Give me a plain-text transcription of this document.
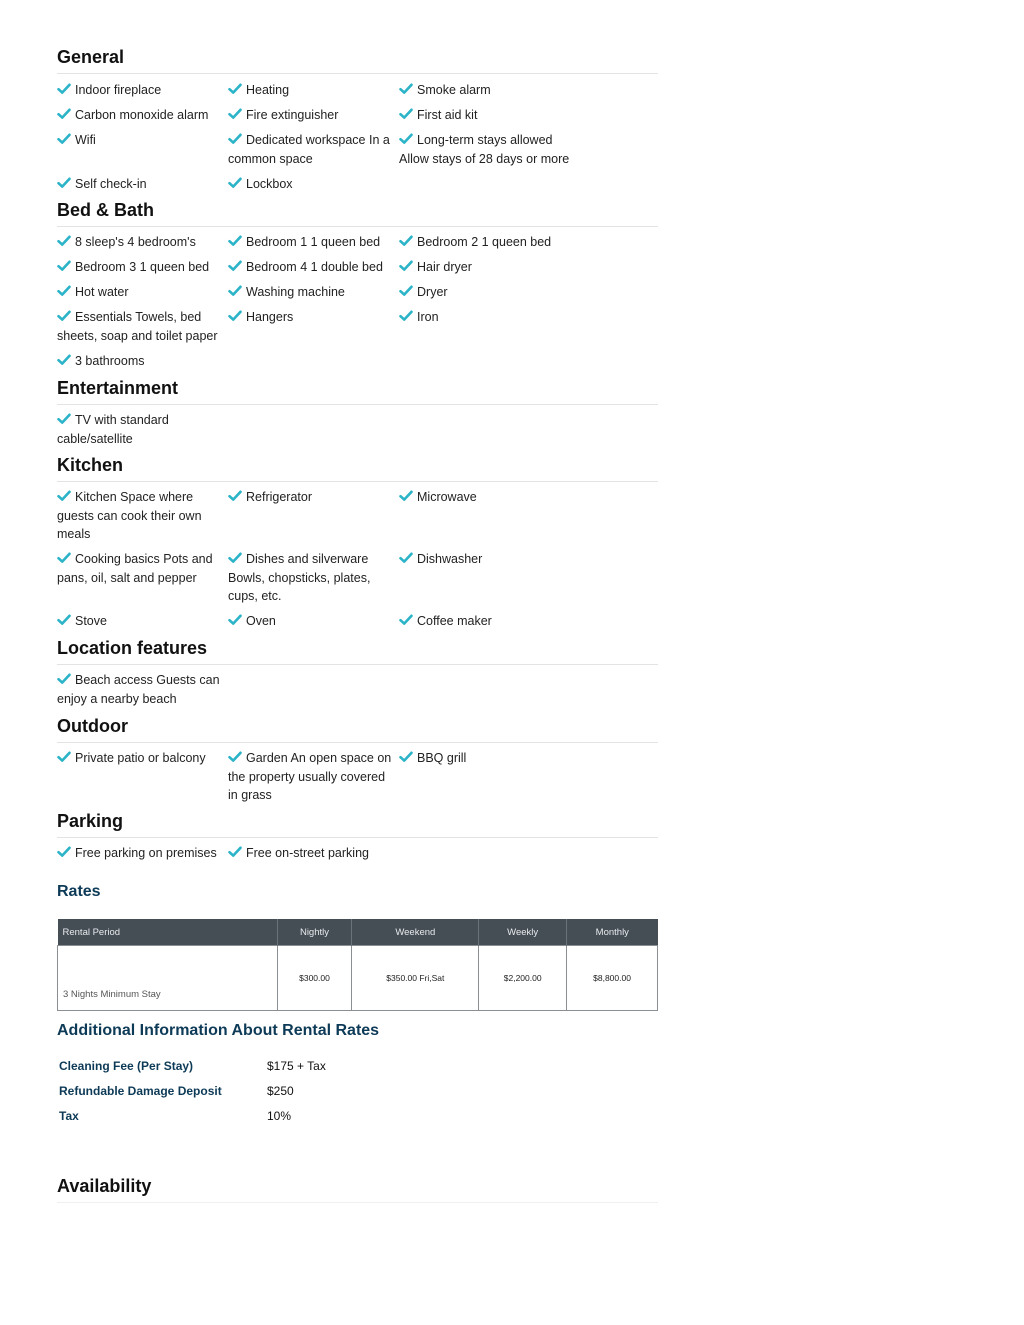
General
Indoor fireplace	Heating	Smoke alarm
Carbon monoxide alarm	Fire extinguisher	First aid kit
Wifi	Dedicated workspace In a common space
Long-term stays allowed Allow stays of 28 days or more
Self check-in	Lockbox
Bed & Bath
8 sleep's 4 bedroom's	Bedroom 1 1 queen bed	Bedroom 2 1 queen bed
Bedroom 3 1 queen bed	Bedroom 4 1 double bed	Hair dryer
Hot water	Washing machine	Dryer
Essentials Towels, bed sheets, soap and toilet paper
Hangers	Iron
3 bathrooms
Entertainment
TV with standard cable/satellite
Kitchen
Kitchen Space where guests can cook their own meals
Refrigerator	Microwave
Cooking basics Pots and pans, oil, salt and pepper
Dishes and silverware Bowls, chopsticks, plates, cups, etc.
Dishwasher
Stove	Oven	Coffee maker
Location features
Beach access Guests can enjoy a nearby beach
Outdoor
Private patio or balcony	Garden An open space on the property usually covered in grass
BBQ grill
Parking
Free parking on premises	Free on-street parking
Rates
Rental Period	Nightly	Weekend	Weekly	Monthly
3 Nights Minimum Stay	$300.00	$350.00 Fri,Sat	$2,200.00	$8,800.00
Additional Information About Rental Rates
Cleaning Fee (Per Stay)	$175 + Tax
Refundable Damage Deposit	$250
Tax	10%
Availability
